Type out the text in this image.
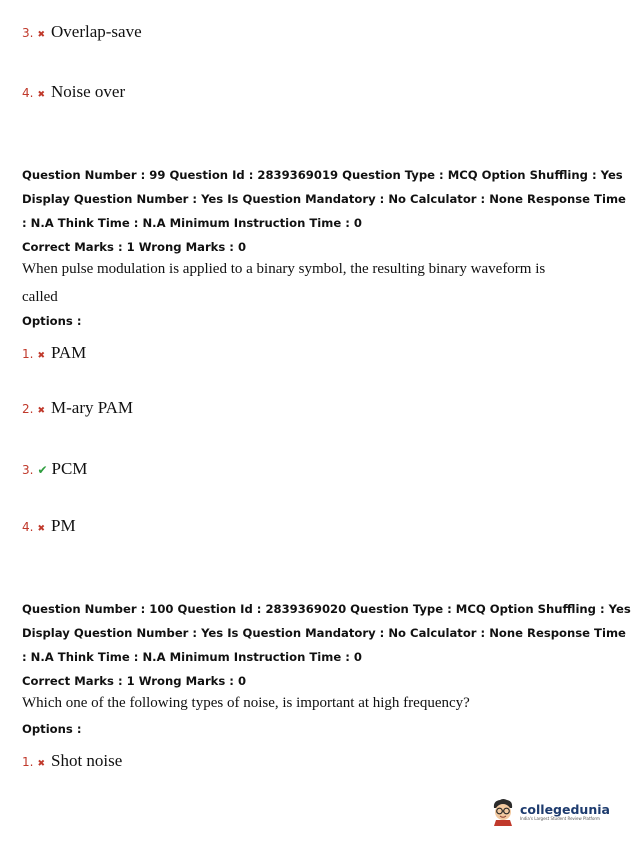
3. ✖ Overlap-save
4. ✖ Noise over
Question Number : 99 Question Id : 2839369019 Question Type : MCQ Option Shuffling : Yes
Display Question Number : Yes Is Question Mandatory : No Calculator : None Response Time
: N.A Think Time : N.A Minimum Instruction Time : 0
Correct Marks : 1 Wrong Marks : 0
When pulse modulation is applied to a binary symbol, the resulting binary waveform is
called
Options :
1. ✖ PAM
2. ✖ M-ary PAM
3. ✔ PCM
4. ✖ PM
Question Number : 100 Question Id : 2839369020 Question Type : MCQ Option Shuffling : Yes
Display Question Number : Yes Is Question Mandatory : No Calculator : None Response Time
: N.A Think Time : N.A Minimum Instruction Time : 0
Correct Marks : 1 Wrong Marks : 0
Which one of the following types of noise, is important at high frequency?
Options :
1. ✖ Shot noise
collegedunia
India's Largest Student Review Platform
